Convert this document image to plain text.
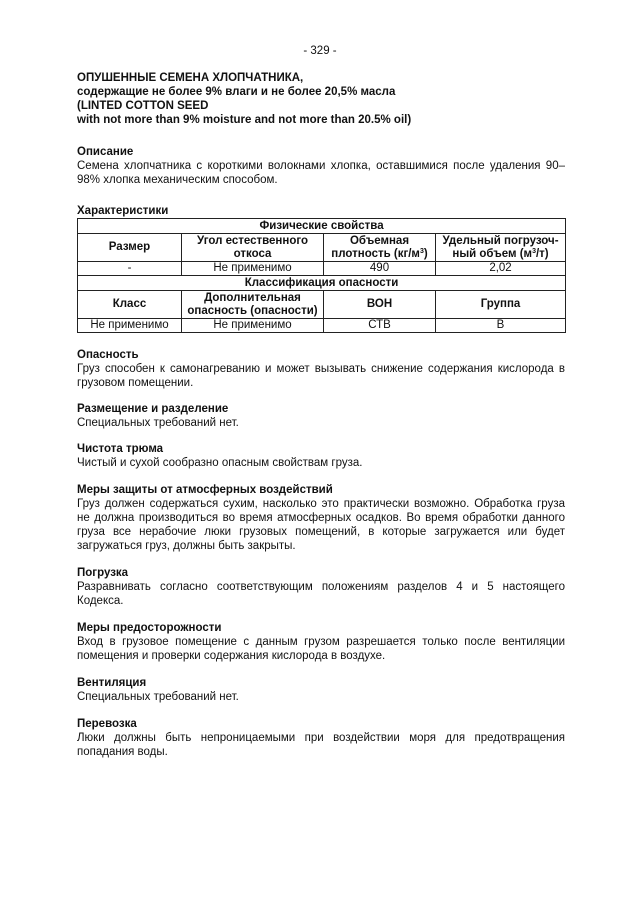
- 329 -
ОПУШЕННЫЕ СЕМЕНА ХЛОПЧАТНИКА,
содержащие не более 9% влаги и не более 20,5% масла
(LINTED COTTON SEED
with not more than 9% moisture and not more than 20.5% oil)
Описание

Семена хлопчатника с короткими волокнами хлопка, оставшимися после удаления 90–98% хлопка механическим способом.

Характеристики
Физические свойства			
Размер	Угол естественного откоса	Объемная плотность $(кг/м^3)$	Удельный погрузоч-ный объем $(м^3/т)$
-	Не применимо	490	2,02
Классификация опасности			
Класс	Дополнительная опасность (опасности)	ВОН	Группа
Не применимо	Не применимо	СТВ	В
Опасность

Груз способен к самонагреванию и может вызывать снижение содержания кислорода в грузовом помещении.

Размещение и разделение

Специальных требований нет.

Чистота трюма

Чистый и сухой сообразно опасным свойствам груза.

Меры защиты от атмосферных воздействий

Груз должен содержаться сухим, насколько это практически возможно. Обработка груза не должна производиться во время атмосферных осадков. Во время обработки данного груза все нерабочие люки грузовых помещений, в которые загружается или будет загружаться груз, должны быть закрыты.

Погрузка

Разравнивать согласно соответствующим положениям разделов 4 и 5 настоящего Кодекса.

Меры предосторожности

Вход в грузовое помещение с данным грузом разрешается только после вентиляции помещения и проверки содержания кислорода в воздухе.

Вентиляция

Специальных требований нет.

Перевозка

Люки должны быть непроницаемыми при воздействии моря для предотвращения попадания воды.
